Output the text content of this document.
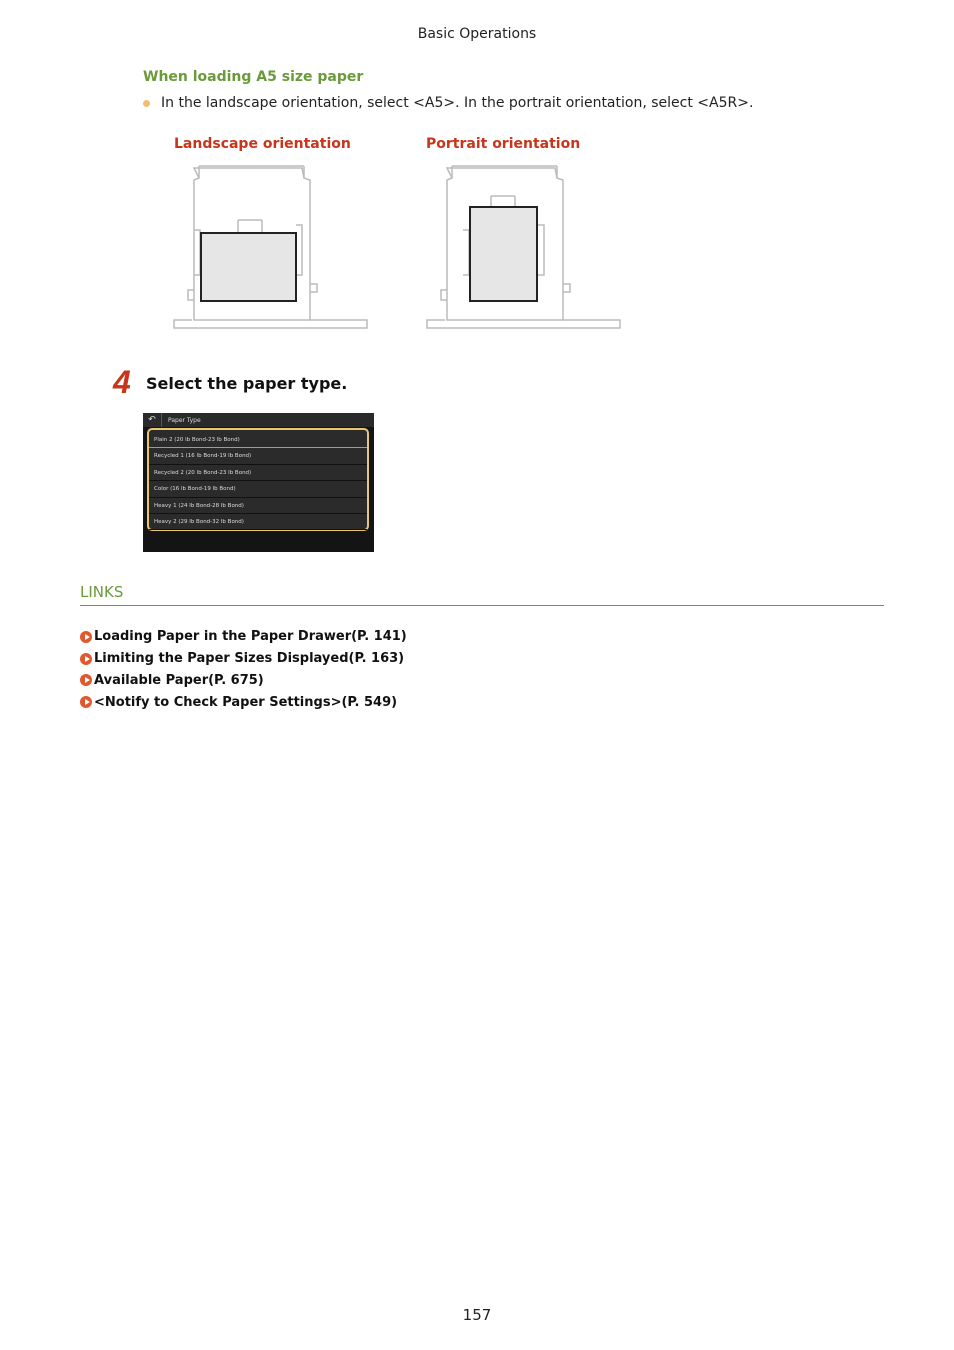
Basic Operations
When loading A5 size paper
In the landscape orientation, select <A5>. In the portrait orientation, select <A5R>.
Landscape orientation	Portrait orientation
4 Select the paper type.
↶	Paper Type
Plain 2 (20 lb Bond-23 lb Bond)
Recycled 1 (16 lb Bond-19 lb Bond)
Recycled 2 (20 lb Bond-23 lb Bond)
Color (16 lb Bond-19 lb Bond)
Heavy 1 (24 lb Bond-28 lb Bond)
Heavy 2 (29 lb Bond-32 lb Bond)
LINKS
Loading Paper in the Paper Drawer(P. 141)
Limiting the Paper Sizes Displayed(P. 163)
Available Paper(P. 675)
<Notify to Check Paper Settings>(P. 549)
157
